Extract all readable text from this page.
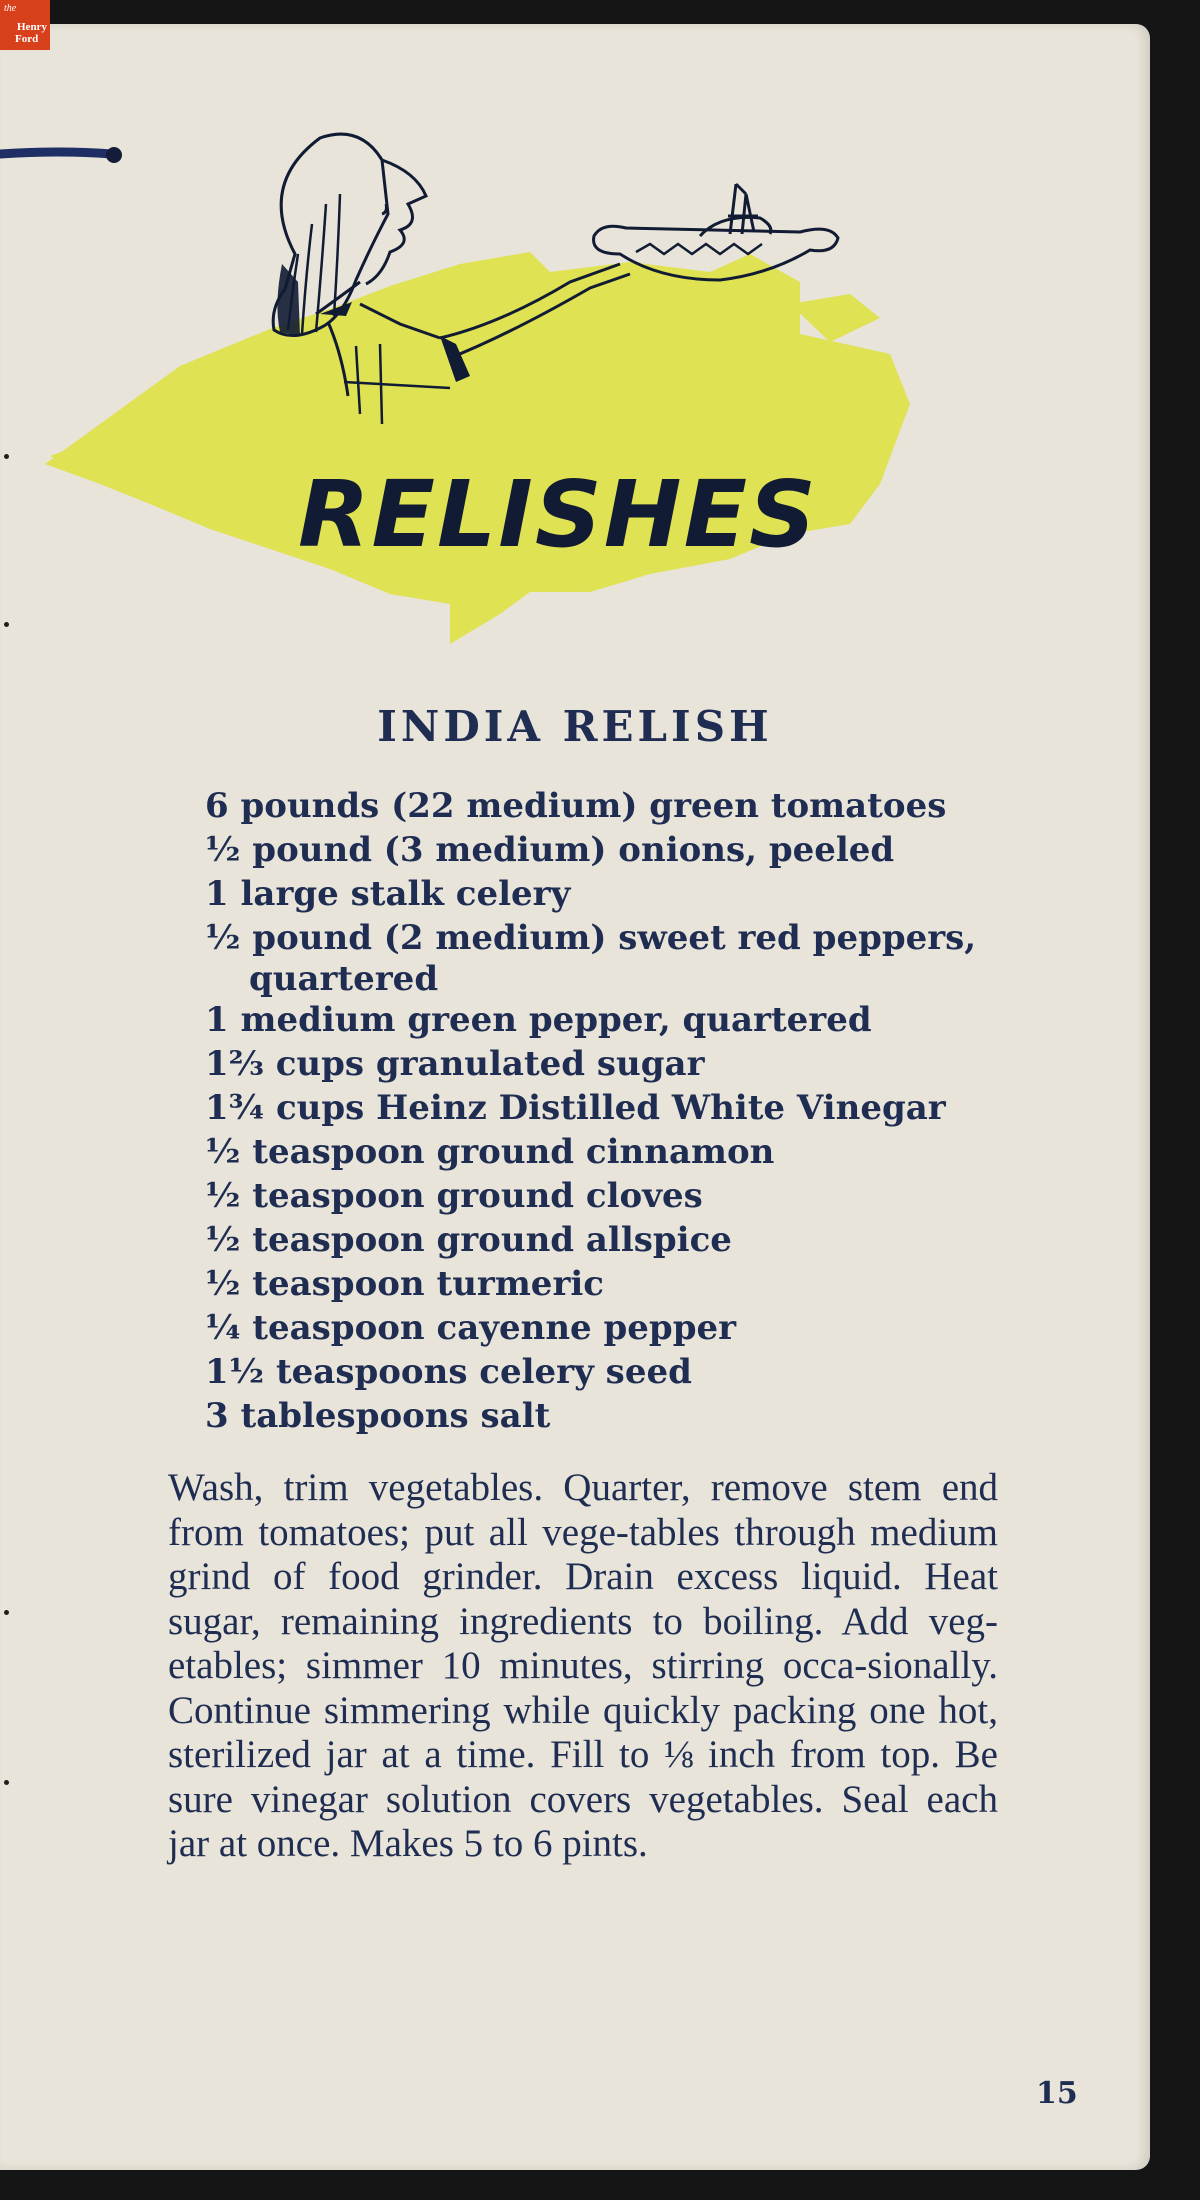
the
Henry
Ford
RELISHES
INDIA RELISH
6 pounds (22 medium) green tomatoes
½ pound (3 medium) onions, peeled
1 large stalk celery
½ pound (2 medium) sweet red peppers,
quartered
1 medium green pepper, quartered
1⅔ cups granulated sugar
1¾ cups Heinz Distilled White Vinegar
½ teaspoon ground cinnamon
½ teaspoon ground cloves
½ teaspoon ground allspice
½ teaspoon turmeric
¼ teaspoon cayenne pepper
1½ teaspoons celery seed
3 tablespoons salt

Wash, trim vegetables. Quarter, remove stem end from tomatoes; put all vege-tables through medium grind of food grinder. Drain excess liquid. Heat sugar, remaining ingredients to boiling. Add veg-etables; simmer 10 minutes, stirring occa-sionally. Continue simmering while quickly packing one hot, sterilized jar at a time. Fill to ⅛ inch from top. Be sure vinegar solution covers vegetables. Seal each jar at once. Makes 5 to 6 pints.

15
